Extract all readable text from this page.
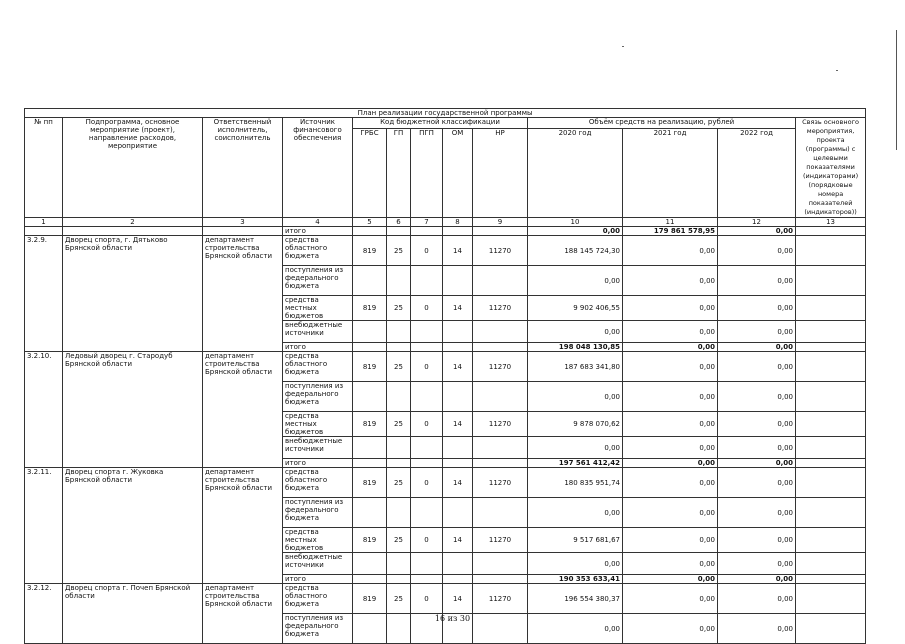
План реализации государственной программы												
№ пп	Подпрограмма, основное мероприятие (проект), направление расходов, мероприятие	Ответственный исполнитель, соисполнитель	Источник финансового обеспечения	Код бюджетной классификации					Объём средств на реализацию, рублей			Связь основного мероприятия, проекта (программы) с целевыми показателями (индикаторами) (порядковые номера показателей (индикаторов))
				ГРБС	ГП	ПГП	ОМ	НР	2020 год	2021 год	2022 год	
1	2	3	4	5	6	7	8	9	10	11	12	13
			итого						0,00	179 861 578,95	0,00	
3.2.9.	Дворец спорта, г. Дятьково Брянской области	департамент строительства Брянской области	средства областного бюджета	819	25	0	14	11270	188 145 724,30	0,00	0,00	
			поступления из федерального бюджета						0,00	0,00	0,00	
			средства местных бюджетов	819	25	0	14	11270	9 902 406,55	0,00	0,00	
			внебюджетные источники						0,00	0,00	0,00	
			итого						198 048 130,85	0,00	0,00	
3.2.10.	Ледовый дворец г. Стародуб Брянской области	департамент строительства Брянской области	средства областного бюджета	819	25	0	14	11270	187 683 341,80	0,00	0,00	
			поступления из федерального бюджета						0,00	0,00	0,00	
			средства местных бюджетов	819	25	0	14	11270	9 878 070,62	0,00	0,00	
			внебюджетные источники						0,00	0,00	0,00	
			итого						197 561 412,42	0,00	0,00	
3.2.11.	Дворец спорта г. Жуковка Брянской области	департамент строительства Брянской области	средства областного бюджета	819	25	0	14	11270	180 835 951,74	0,00	0,00	
			поступления из федерального бюджета						0,00	0,00	0,00	
			средства местных бюджетов	819	25	0	14	11270	9 517 681,67	0,00	0,00	
			внебюджетные источники						0,00	0,00	0,00	
			итого						190 353 633,41	0,00	0,00	
3.2.12.	Дворец спорта г. Почеп Брянской области	департамент строительства Брянской области	средства областного бюджета	819	25	0	14	11270	196 554 380,37	0,00	0,00	
			поступления из федерального бюджета						0,00	0,00	0,00	
16 из 30
